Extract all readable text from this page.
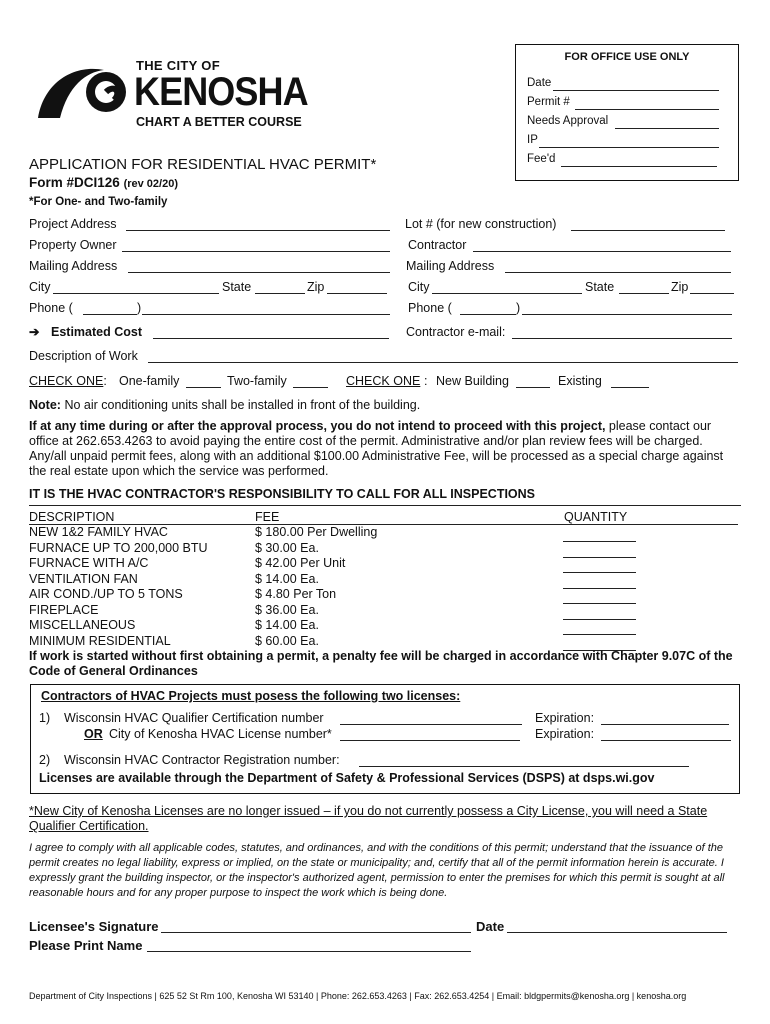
THE CITY OF
KENOSHA
CHART A BETTER COURSE
FOR OFFICE USE ONLY
Date
Permit #
Needs Approval
IP
Fee'd
APPLICATION FOR RESIDENTIAL HVAC PERMIT*
Form #DCI126 (rev 02/20)
*For One- and Two-family
Project Address	Lot # (for new construction)
Property Owner	Contractor
Mailing Address	Mailing Address
City	State	Zip	City	State	Zip
Phone (	)	Phone (	)
➔ Estimated Cost	Contractor e-mail:
Description of Work
CHECK ONE: One-family	Two-family	CHECK ONE : New Building	Existing
Note: No air conditioning units shall be installed in front of the building.
If at any time during or after the approval process, you do not intend to proceed with this project, please contact our office at 262.653.4263 to avoid paying the entire cost of the permit. Administrative and/or plan review fees will be charged. Any/all unpaid permit fees, along with an additional $100.00 Administrative Fee, will be processed as a special charge against the real estate upon which the service was performed.
IT IS THE HVAC CONTRACTOR'S RESPONSIBILITY TO CALL FOR ALL INSPECTIONS
DESCRIPTION	FEE	QUANTITY
NEW 1&2 FAMILY HVAC	$ 180.00 Per Dwelling
FURNACE UP TO 200,000 BTU	$ 30.00 Ea.
FURNACE WITH A/C	$ 42.00 Per Unit
VENTILATION FAN	$ 14.00 Ea.
AIR COND./UP TO 5 TONS	$ 4.80 Per Ton
FIREPLACE	$ 36.00 Ea.
MISCELLANEOUS	$ 14.00 Ea.
MINIMUM RESIDENTIAL	$ 60.00 Ea.
If work is started without first obtaining a permit, a penalty fee will be charged in accordance with Chapter 9.07C of the Code of General Ordinances
Contractors of HVAC Projects must posess the following two licenses:
1) Wisconsin HVAC Qualifier Certification number	Expiration:
OR City of Kenosha HVAC License number*	Expiration:
2) Wisconsin HVAC Contractor Registration number:
Licenses are available through the Department of Safety & Professional Services (DSPS) at dsps.wi.gov
*New City of Kenosha Licenses are no longer issued – if you do not currently possess a City License, you will need a State Qualifier Certification.
I agree to comply with all applicable codes, statutes, and ordinances, and with the conditions of this permit; understand that the issuance of the permit creates no legal liability, express or implied, on the state or municipality; and, certify that all of the permit information herein is accurate. I expressly grant the building inspector, or the inspector's authorized agent, permission to enter the premises for which this permit is sought at all reasonable hours and for any proper purpose to inspect the work which is being done.
Licensee's Signature	Date
Please Print Name
Department of City Inspections | 625 52 St Rm 100, Kenosha WI 53140 | Phone: 262.653.4263 | Fax: 262.653.4254 | Email: bldgpermits@kenosha.org | kenosha.org
